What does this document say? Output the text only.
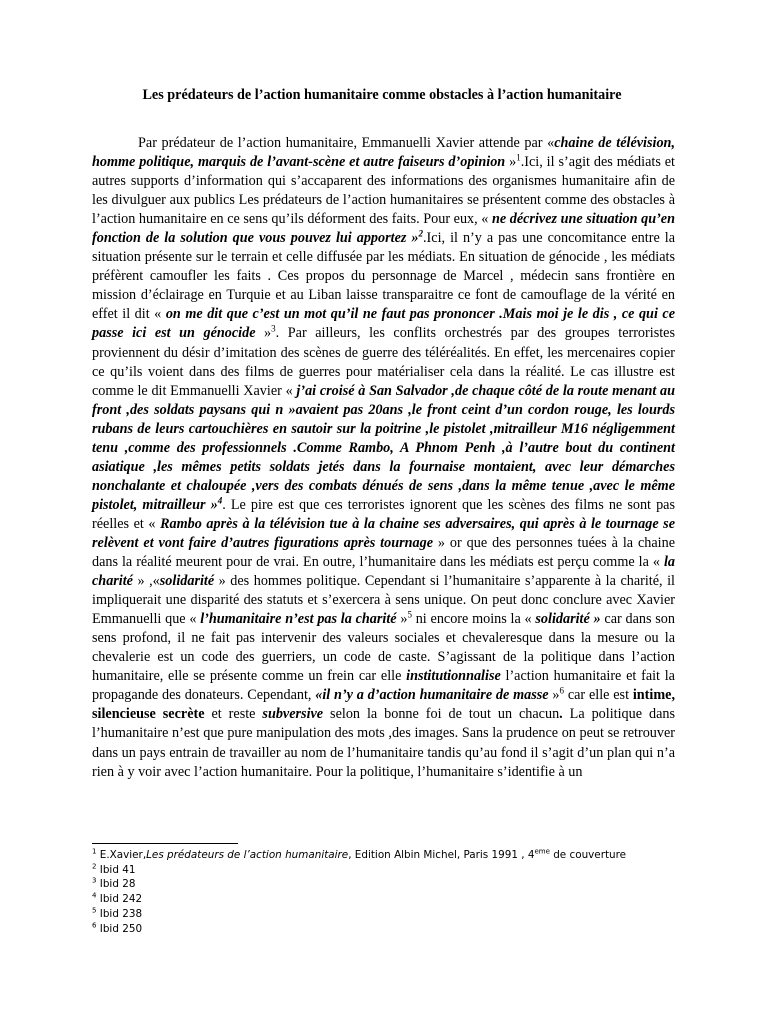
Les prédateurs de l’action humanitaire comme obstacles à l’action humanitaire
Par prédateur de l’action humanitaire, Emmanuelli Xavier attende par «chaine de télévision, homme politique, marquis de l’avant-scène et autre faiseurs d’opinion »$^1$.Ici, il s’agit des médiats et autres supports d’information qui s’accaparent des informations des organismes humanitaire afin de les divulguer aux publics Les prédateurs de l’action humanitaires se présentent comme des obstacles à l’action humanitaire en ce sens qu’ils déforment des faits. Pour eux, « ne décrivez une situation qu’en fonction de la solution que vous pouvez lui apportez »$^2$.Ici, il n’y a pas une concomitance entre la situation présente sur le terrain et celle diffusée par les médiats. En situation de génocide , les médiats préfèrent camoufler les faits . Ces propos du personnage de Marcel , médecin sans frontière en mission d’éclairage en Turquie et au Liban laisse transparaitre ce font de camouflage de la vérité en effet il dit « on me dit que c’est un mot qu’il ne faut pas prononcer .Mais moi je le dis , ce qui ce passe ici est un génocide »$^3$. Par ailleurs, les conflits orchestrés par des groupes terroristes proviennent du désir d’imitation des scènes de guerre des téléréalités. En effet, les mercenaires copier ce qu’ils voient dans des films de guerres pour matérialiser cela dans la réalité. Le cas illustre est comme le dit Emmanuelli Xavier « j’ai croisé à San Salvador ,de chaque côté de la route menant au front ,des soldats paysans qui n »avaient pas 20ans ,le front ceint d’un cordon rouge, les lourds rubans de leurs cartouchières en sautoir sur la poitrine ,le pistolet ,mitrailleur M16 négligemment tenu ,comme des professionnels .Comme Rambo, A Phnom Penh ,à l’autre bout du continent asiatique ,les mêmes petits soldats jetés dans la fournaise montaient, avec leur démarches nonchalante et chaloupée ,vers des combats dénués de sens ,dans la même tenue ,avec le même pistolet, mitrailleur »$^4$. Le pire est que ces terroristes ignorent que les scènes des films ne sont pas réelles et « Rambo après à la télévision tue à la chaine ses adversaires, qui après à le tournage se relèvent et vont faire d’autres figurations après tournage » or que des personnes tuées à la chaine dans la réalité meurent pour de vrai. En outre, l’humanitaire dans les médiats est perçu comme la « la charité » ,«solidarité » des hommes politique. Cependant si l’humanitaire s’apparente à la charité, il impliquerait une disparité des statuts et s’exercera à sens unique. On peut donc conclure avec Xavier Emmanuelli que « l’humanitaire n’est pas la charité »$^5$ ni encore moins la « solidarité » car dans son sens profond, il ne fait pas intervenir des valeurs sociales et chevaleresque dans la mesure ou la chevalerie est un code des guerriers, un code de caste. S’agissant de la politique dans l’action humanitaire, elle se présente comme un frein car elle institutionnalise l’action humanitaire et fait la propagande des donateurs. Cependant, «il n’y a d’action humanitaire de masse »$^6$ car elle est intime, silencieuse secrète et reste subversive selon la bonne foi de tout un chacun. La politique dans l’humanitaire n’est que pure manipulation des mots ,des images. Sans la prudence on peut se retrouver dans un pays entrain de travailler au nom de l’humanitaire tandis qu’au fond il s’agit d’un plan qui n’a rien à y voir avec l’action humanitaire. Pour la politique, l’humanitaire s’identifie à un
$^1$ E.Xavier,Les prédateurs de l’action humanitaire, Edition Albin Michel, Paris 1991 , 4eme de couverture
$^2$ Ibid 41
$^3$ Ibid 28
$^4$ Ibid 242
$^5$ Ibid 238
$^6$ Ibid 250
